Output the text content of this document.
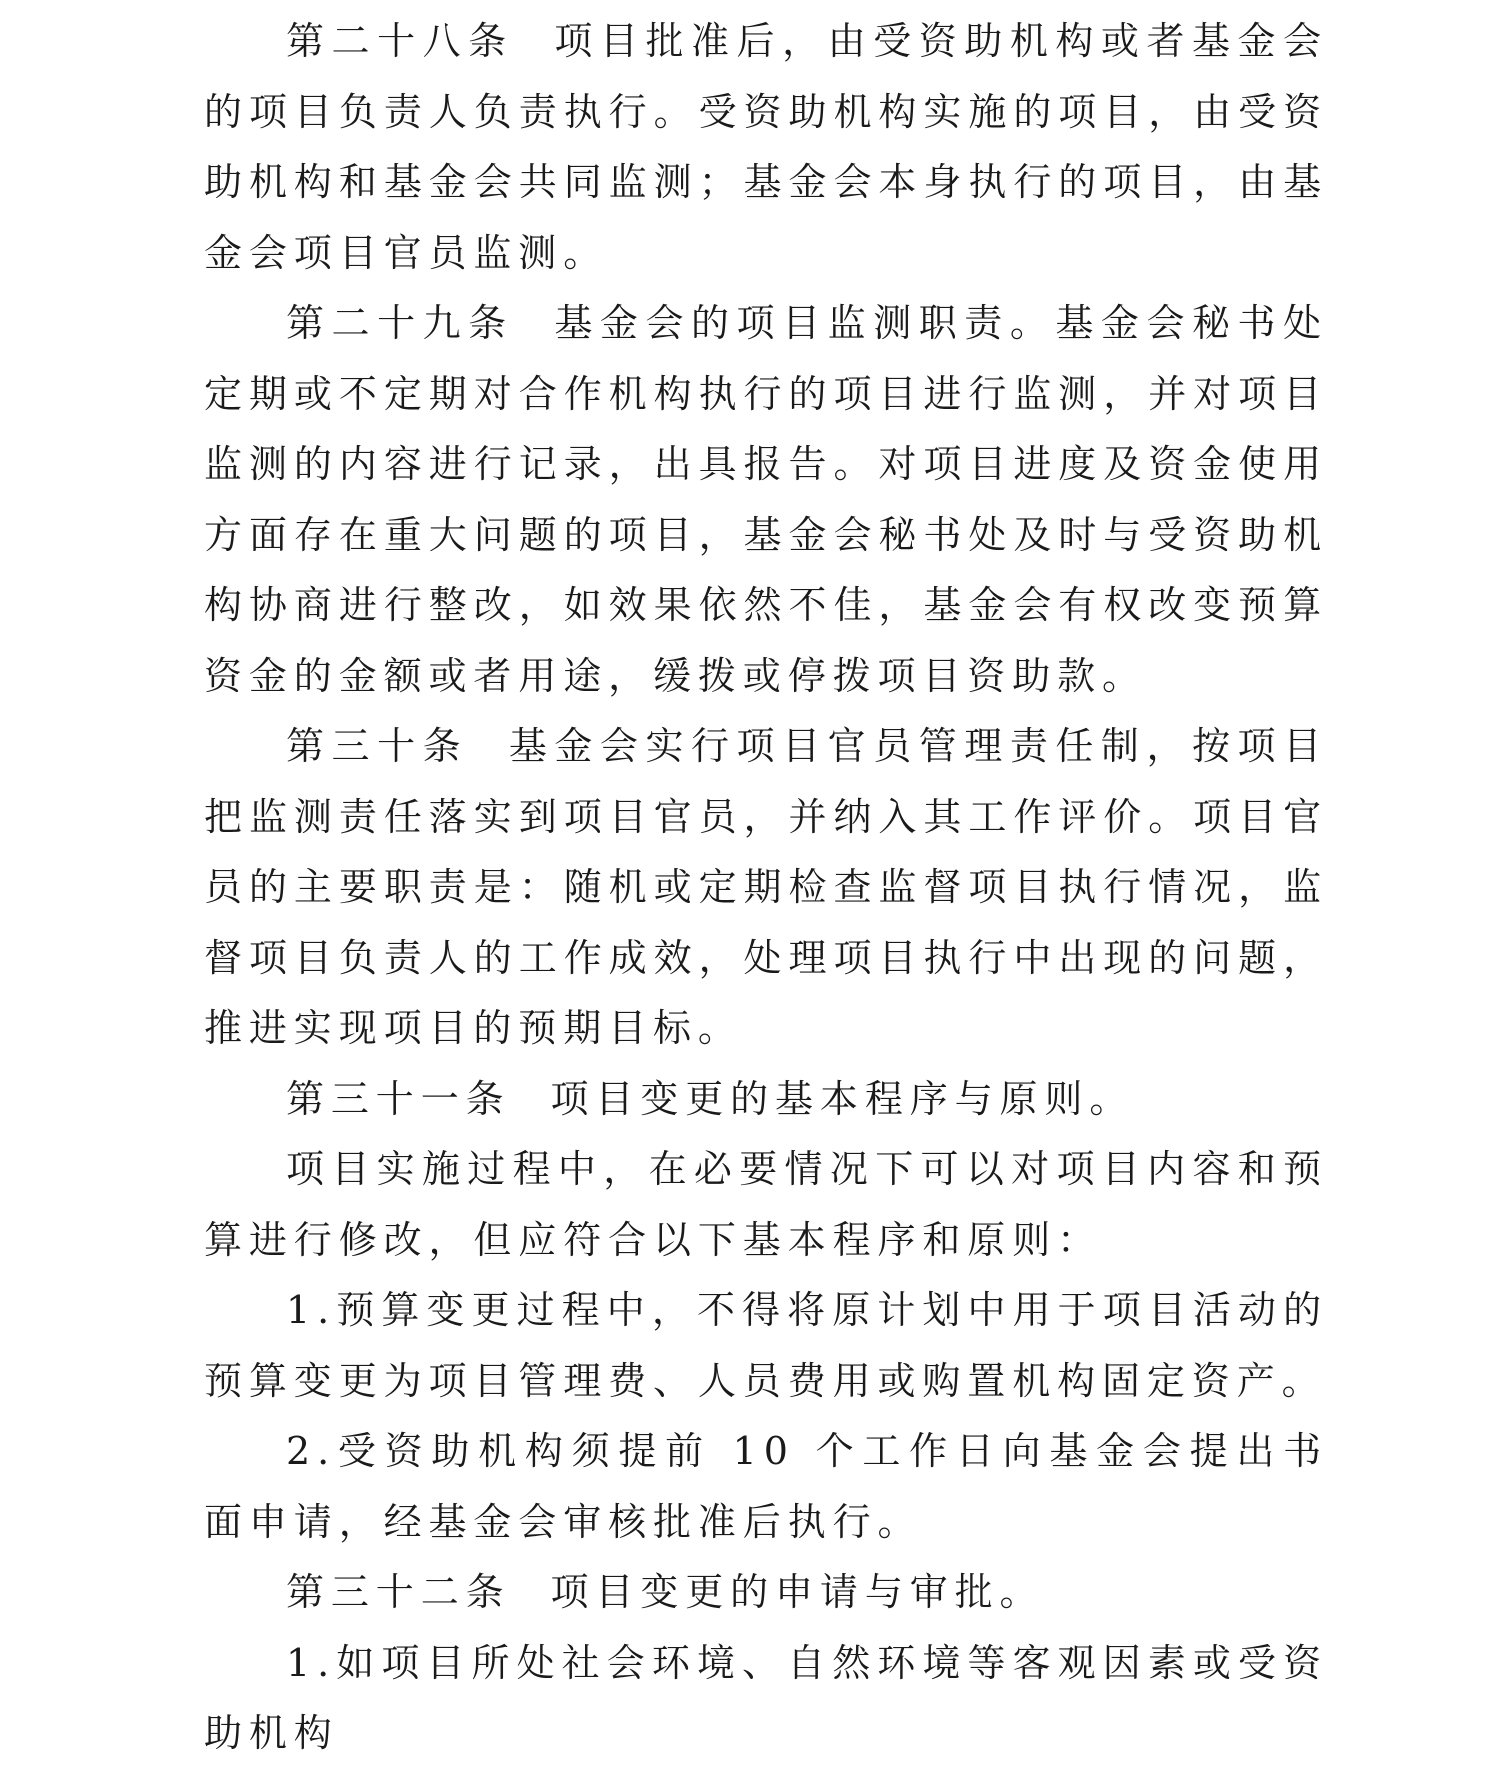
第二十八条 项目批准后，由受资助机构或者基金会的项目负责人负责执行。受资助机构实施的项目，由受资助机构和基金会共同监测；基金会本身执行的项目，由基金会项目官员监测。

第二十九条 基金会的项目监测职责。基金会秘书处定期或不定期对合作机构执行的项目进行监测，并对项目监测的内容进行记录，出具报告。对项目进度及资金使用方面存在重大问题的项目，基金会秘书处及时与受资助机构协商进行整改，如效果依然不佳，基金会有权改变预算资金的金额或者用途，缓拨或停拨项目资助款。

第三十条 基金会实行项目官员管理责任制，按项目把监测责任落实到项目官员，并纳入其工作评价。项目官员的主要职责是：随机或定期检查监督项目执行情况，监督项目负责人的工作成效，处理项目执行中出现的问题，推进实现项目的预期目标。

第三十一条 项目变更的基本程序与原则。

项目实施过程中，在必要情况下可以对项目内容和预算进行修改，但应符合以下基本程序和原则：

1.预算变更过程中，不得将原计划中用于项目活动的预算变更为项目管理费、人员费用或购置机构固定资产。

2.受资助机构须提前 10 个工作日向基金会提出书面申请，经基金会审核批准后执行。

第三十二条 项目变更的申请与审批。

1.如项目所处社会环境、自然环境等客观因素或受资助机构
